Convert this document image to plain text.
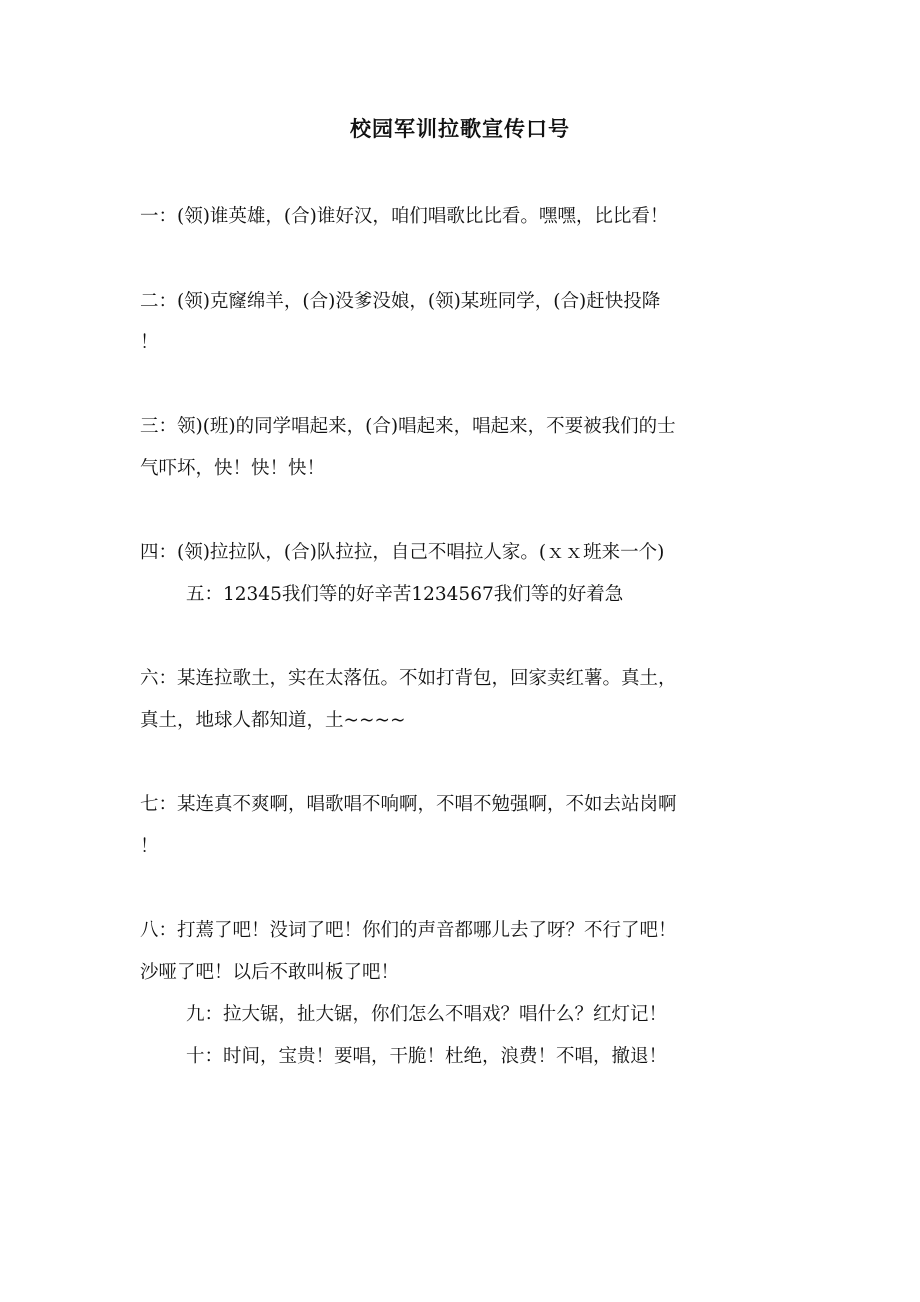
校园军训拉歌宣传口号
一：(领)谁英雄，(合)谁好汉，咱们唱歌比比看。嘿嘿，比比看！
二：(领)克窿绵羊，(合)没爹没娘，(领)某班同学，(合)赶快投降
！
三：领)(班)的同学唱起来，(合)唱起来，唱起来，不要被我们的士
气吓坏，快！快！快！
四：(领)拉拉队，(合)队拉拉，自己不唱拉人家。(ｘｘ班来一个)
五：12345我们等的好辛苦1234567我们等的好着急
六：某连拉歌土，实在太落伍。不如打背包，回家卖红薯。真土，
真土，地球人都知道，土~~~~
七：某连真不爽啊，唱歌唱不响啊，不唱不勉强啊，不如去站岗啊
！
八：打蔫了吧！没词了吧！你们的声音都哪儿去了呀？不行了吧！
沙哑了吧！以后不敢叫板了吧！
九：拉大锯，扯大锯，你们怎么不唱戏？唱什么？红灯记！
十：时间，宝贵！要唱，干脆！杜绝，浪费！不唱，撤退！
